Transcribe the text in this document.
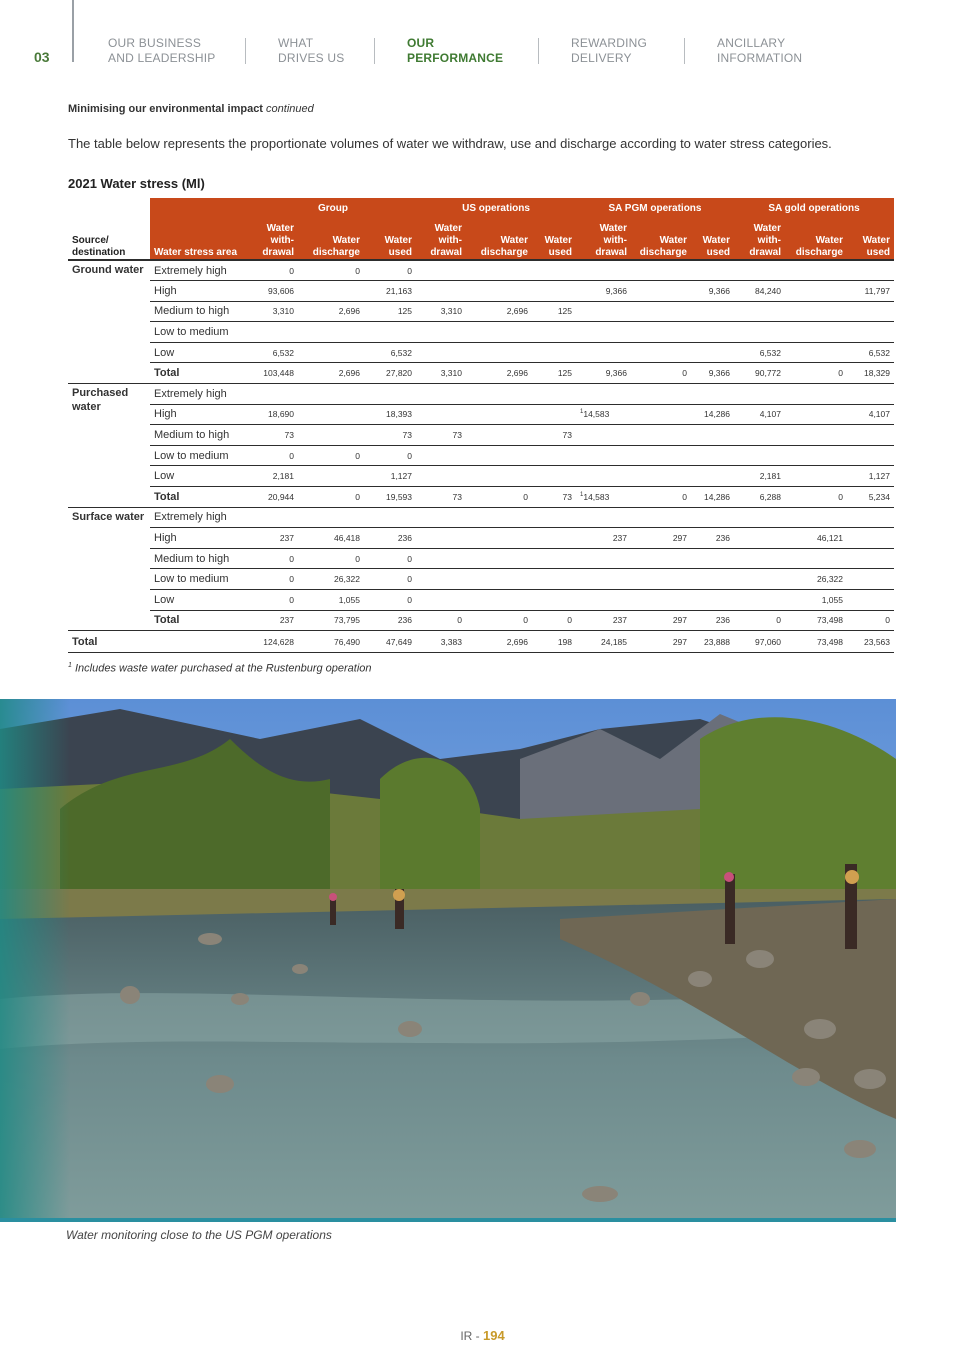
03
OUR BUSINESS
AND LEADERSHIP
WHAT
DRIVES US
OUR
PERFORMANCE
REWARDING
DELIVERY
ANCILLARY
INFORMATION
Minimising our environmental impact continued
The table below represents the proportionate volumes of water we withdraw, use and discharge according to water stress categories.
2021 Water stress (Ml)
		Group			US operations			SA PGM operations			SA gold operations		
Source/ destination	Water stress area	Water with- drawal	Water discharge	Water used	Water with- drawal	Water discharge	Water used	Water with- drawal	Water discharge	Water used	Water with- drawal	Water discharge	Water used
Ground water	Extremely high	0	0	0									
	High	93,606		21,163				9,366		9,366	84,240		11,797
	Medium to high	3,310	2,696	125	3,310	2,696	125						
	Low to medium												
	Low	6,532		6,532							6,532		6,532
	Total	103,448	2,696	27,820	3,310	2,696	125	9,366	0	9,366	90,772	0	18,329
Purchased water	Extremely high												
	High	18,690		18,393				$^1$14,583		14,286	4,107		4,107
	Medium to high	73		73	73		73						
	Low to medium	0	0	0									
	Low	2,181		1,127							2,181		1,127
	Total	20,944	0	19,593	73	0	73	$^1$14,583	0	14,286	6,288	0	5,234
Surface water	Extremely high												
	High	237	46,418	236				237	297	236		46,121	
	Medium to high	0	0	0									
	Low to medium	0	26,322	0								26,322	
	Low	0	1,055	0								1,055	
	Total	237	73,795	236	0	0	0	237	297	236	0	73,498	0
Total		124,628	76,490	47,649	3,383	2,696	198	24,185	297	23,888	97,060	73,498	23,563
$^1$ Includes waste water purchased at the Rustenburg operation
Water monitoring close to the US PGM operations
IR - 194
